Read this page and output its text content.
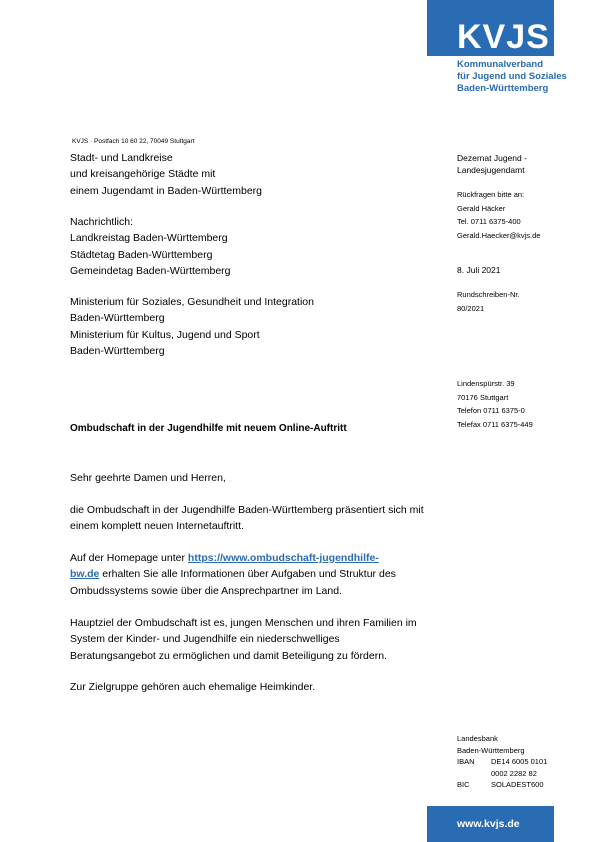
KVJS
Kommunalverband
für Jugend und Soziales
Baden-Württemberg
KVJS · Postfach 10 60 22, 70049 Stuttgart
Stadt- und Landkreise
und kreisangehörige Städte mit
einem Jugendamt in Baden-Württemberg
Nachrichtlich:
Landkreistag Baden-Württemberg
Städtetag Baden-Württemberg
Gemeindetag Baden-Württemberg
Ministerium für Soziales, Gesundheit und Integration
Baden-Württemberg
Ministerium für Kultus, Jugend und Sport
Baden-Württemberg
Dezernat Jugend -
Landesjugendamt
Rückfragen bitte an:
Gerald Häcker
Tel. 0711 6375-400
Gerald.Haecker@kvjs.de
8. Juli 2021
Rundschreiben-Nr.
80/2021
Lindenspürstr. 39
70176 Stuttgart
Telefon 0711 6375-0
Telefax 0711 6375-449
Ombudschaft in der Jugendhilfe mit neuem Online-Auftritt
Sehr geehrte Damen und Herren,
die Ombudschaft in der Jugendhilfe Baden-Württemberg präsentiert sich mit
einem komplett neuen Internetauftritt.
Auf der Homepage unter https://www.ombudschaft-jugendhilfe-
bw.de erhalten Sie alle Informationen über Aufgaben und Struktur des
Ombudssystems sowie über die Ansprechpartner im Land.
Hauptziel der Ombudschaft ist es, jungen Menschen und ihren Familien im
System der Kinder- und Jugendhilfe ein niederschwelliges
Beratungsangebot zu ermöglichen und damit Beteiligung zu fördern.
Zur Zielgruppe gehören auch ehemalige Heimkinder.
Landesbank
Baden-Württemberg
IBAN	DE14 6005 0101
0002 2282 82
BIC	SOLADEST600
www.kvjs.de
